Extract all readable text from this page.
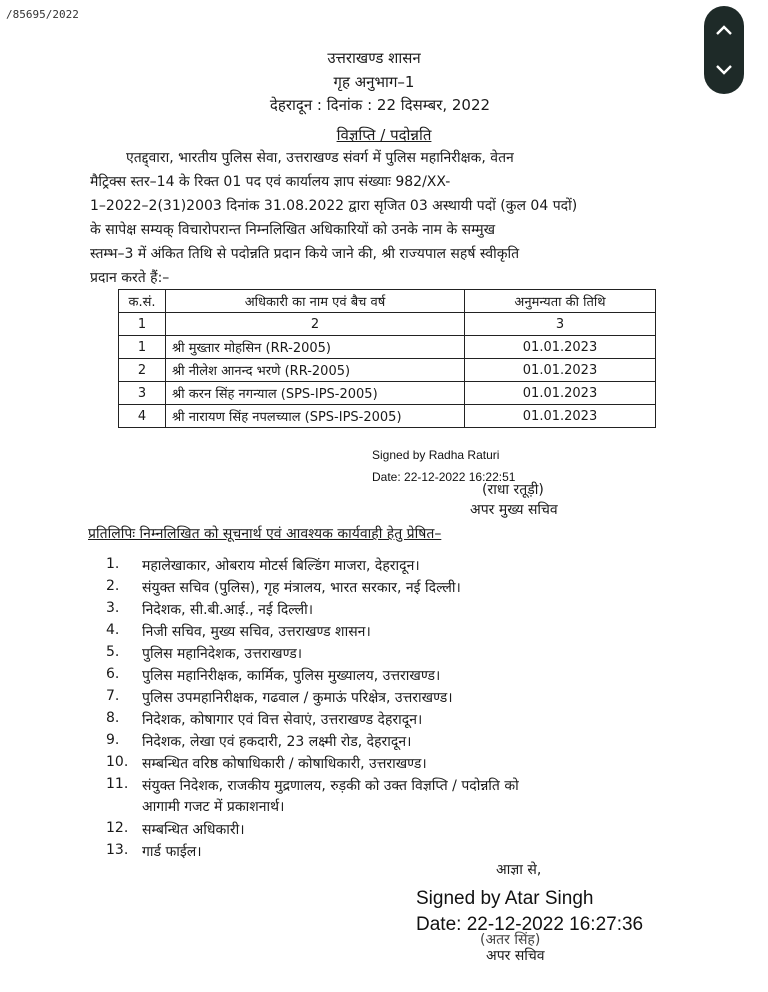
/85695/2022
उत्तराखण्ड शासन
गृह अनुभाग–1
देहरादून : दिनांक : 22 दिसम्बर, 2022
विज्ञप्ति / पदोन्नति
एतद्द्वारा, भारतीय पुलिस सेवा, उत्तराखण्ड संवर्ग में पुलिस महानिरीक्षक, वेतन
मैट्रिक्स स्तर–14 के रिक्त 01 पद एवं कार्यालय ज्ञाप संख्याः 982/XX-
1–2022–2(31)2003 दिनांक 31.08.2022 द्वारा सृजित 03 अस्थायी पदों (कुल 04 पदों)
के सापेक्ष सम्यक् विचारोपरान्त निम्नलिखित अधिकारियों को उनके नाम के सम्मुख
स्तम्भ–3 में अंकित तिथि से पदोन्नति प्रदान किये जाने की, श्री राज्यपाल सहर्ष स्वीकृति
प्रदान करते हैं:–
क.सं.	अधिकारी का नाम एवं बैच वर्ष	अनुमन्यता की तिथि
1	2	3
1	श्री मुख्तार मोहसिन (RR-2005)	01.01.2023
2	श्री नीलेश आनन्द भरणे (RR-2005)	01.01.2023
3	श्री करन सिंह नगन्याल (SPS-IPS-2005)	01.01.2023
4	श्री नारायण सिंह नपलच्याल (SPS-IPS-2005)	01.01.2023
Signed by Radha Raturi
Date: 22-12-2022 16:22:51
(राधा रतूड़ी)
अपर मुख्य सचिव
प्रतिलिपिः निम्नलिखित को सूचनार्थ एवं आवश्यक कार्यवाही हेतु प्रेषित–
1.	महालेखाकार, ओबराय मोटर्स बिल्डिंग माजरा, देहरादून।
2.	संयुक्त सचिव (पुलिस), गृह मंत्रालय, भारत सरकार, नई दिल्ली।
3.	निदेशक, सी.बी.आई., नई दिल्ली।
4.	निजी सचिव, मुख्य सचिव, उत्तराखण्ड शासन।
5.	पुलिस महानिदेशक, उत्तराखण्ड।
6.	पुलिस महानिरीक्षक, कार्मिक, पुलिस मुख्यालय, उत्तराखण्ड।
7.	पुलिस उपमहानिरीक्षक, गढवाल / कुमाऊं परिक्षेत्र, उत्तराखण्ड।
8.	निदेशक, कोषागार एवं वित्त सेवाएं, उत्तराखण्ड देहरादून।
9.	निदेशक, लेखा एवं हकदारी, 23 लक्ष्मी रोड, देहरादून।
10. सम्बन्धित वरिष्ठ कोषाधिकारी / कोषाधिकारी, उत्तराखण्ड।
11. संयुक्त निदेशक, राजकीय मुद्रणालय, रुड़की को उक्त विज्ञप्ति / पदोन्नति को
आगामी गजट में प्रकाशनार्थ।
12. सम्बन्धित अधिकारी।
13. गार्ड फाईल।
आज्ञा से,
Signed by Atar Singh
Date: 22-12-2022 16:27:36
(अतर सिंह)
अपर सचिव
